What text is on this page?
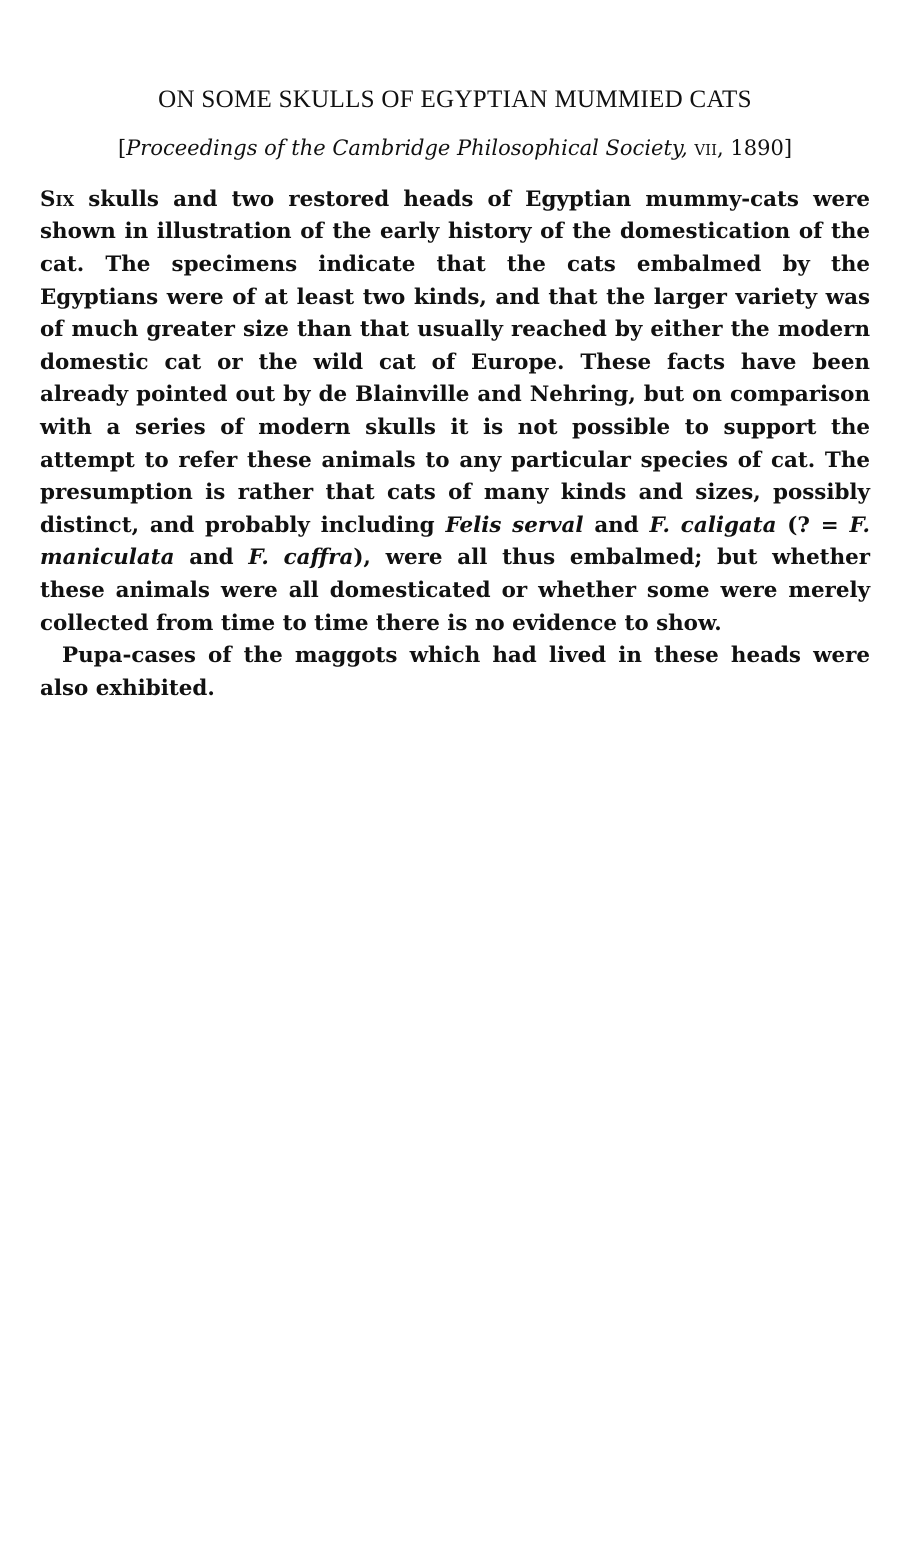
ON SOME SKULLS OF EGYPTIAN MUMMIED CATS

[Proceedings of the Cambridge Philosophical Society, vii, 1890]

Six skulls and two restored heads of Egyptian mummy-cats were shown in illustration of the early history of the domestication of the cat. The specimens indicate that the cats embalmed by the Egyptians were of at least two kinds, and that the larger variety was of much greater size than that usually reached by either the modern domestic cat or the wild cat of Europe. These facts have been already pointed out by de Blainville and Nehring, but on comparison with a series of modern skulls it is not possible to support the attempt to refer these animals to any particular species of cat. The presumption is rather that cats of many kinds and sizes, possibly distinct, and probably including Felis serval and F. caligata (? = F. maniculata and F. caffra), were all thus embalmed; but whether these animals were all domesticated or whether some were merely collected from time to time there is no evidence to show.

Pupa-cases of the maggots which had lived in these heads were also exhibited.
